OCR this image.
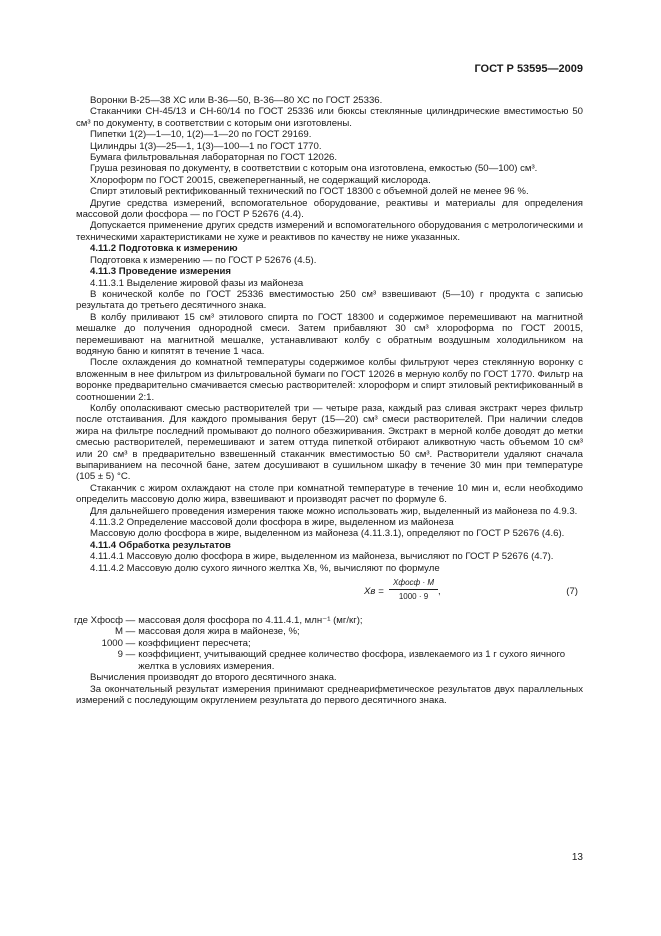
ГОСТ Р 53595—2009

Воронки В-25—38 ХС или В-36—50, В-36—80 ХС по ГОСТ 25336.

Стаканчики СН-45/13 и СН-60/14 по ГОСТ 25336 или бюксы стеклянные цилиндрические вместимостью 50 см³ по документу, в соответствии с которым они изготовлены.

Пипетки 1(2)—1—10, 1(2)—1—20 по ГОСТ 29169.

Цилиндры 1(3)—25—1, 1(3)—100—1 по ГОСТ 1770.

Бумага фильтровальная лабораторная по ГОСТ 12026.

Груша резиновая по документу, в соответствии с которым она изготовлена, емкостью (50—100) см³.

Хлороформ по ГОСТ 20015, свежеперегнанный, не содержащий кислорода.

Спирт этиловый ректификованный технический по ГОСТ 18300 с объемной долей не менее 96 %.

Другие средства измерений, вспомогательное оборудование, реактивы и материалы для определения массовой доли фосфора — по ГОСТ Р 52676 (4.4).

Допускается применение других средств измерений и вспомогательного оборудования с метрологическими и техническими характеристиками не хуже и реактивов по качеству не ниже указанных.

4.11.2 Подготовка к измерению

Подготовка к измерению — по ГОСТ Р 52676 (4.5).

4.11.3 Проведение измерения

4.11.3.1 Выделение жировой фазы из майонеза

В конической колбе по ГОСТ 25336 вместимостью 250 см³ взвешивают (5—10) г продукта с записью результата до третьего десятичного знака.

В колбу приливают 15 см³ этилового спирта по ГОСТ 18300 и содержимое перемешивают на магнитной мешалке до получения однородной смеси. Затем прибавляют 30 см³ хлороформа по ГОСТ 20015, перемешивают на магнитной мешалке, устанавливают колбу с обратным воздушным холодильником на водяную баню и кипятят в течение 1 часа.

После охлаждения до комнатной температуры содержимое колбы фильтруют через стеклянную воронку с вложенным в нее фильтром из фильтровальной бумаги по ГОСТ 12026 в мерную колбу по ГОСТ 1770. Фильтр на воронке предварительно смачивается смесью растворителей: хлороформ и спирт этиловый ректификованный в соотношении 2:1.

Колбу ополаскивают смесью растворителей три — четыре раза, каждый раз сливая экстракт через фильтр после отстаивания. Для каждого промывания берут (15—20) см³ смеси растворителей. При наличии следов жира на фильтре последний промывают до полного обезжиривания. Экстракт в мерной колбе доводят до метки смесью растворителей, перемешивают и затем оттуда пипеткой отбирают аликвотную часть объемом 10 см³ или 20 см³ в предварительно взвешенный стаканчик вместимостью 50 см³. Растворители удаляют сначала выпариванием на песочной бане, затем досушивают в сушильном шкафу в течение 30 мин при температуре (105 ± 5) °С.

Стаканчик с жиром охлаждают на столе при комнатной температуре в течение 10 мин и, если необходимо определить массовую долю жира, взвешивают и производят расчет по формуле 6.

Для дальнейшего проведения измерения также можно использовать жир, выделенный из майонеза по 4.9.3.

4.11.3.2 Определение массовой доли фосфора в жире, выделенном из майонеза

Массовую долю фосфора в жире, выделенном из майонеза (4.11.3.1), определяют по ГОСТ Р 52676 (4.6).

4.11.4 Обработка результатов

4.11.4.1 Массовую долю фосфора в жире, выделенном из майонеза, вычисляют по ГОСТ Р 52676 (4.7).

4.11.4.2 Массовую долю сухого яичного желтка Xв, %, вычисляют по формуле

Xв =
Xфосф · M
1000 · 9	,	(7)
где Xфосф —	массовая доля фосфора по 4.11.4.1, млн⁻¹ (мг/кг);
M —	массовая доля жира в майонезе, %;
1000 —	коэффициент пересчета;
9 —	коэффициент, учитывающий среднее количество фосфора, извлекаемого из 1 г сухого яичного желтка в условиях измерения.

Вычисления производят до второго десятичного знака.

За окончательный результат измерения принимают среднеарифметическое результатов двух параллельных измерений с последующим округлением результата до первого десятичного знака.

13
